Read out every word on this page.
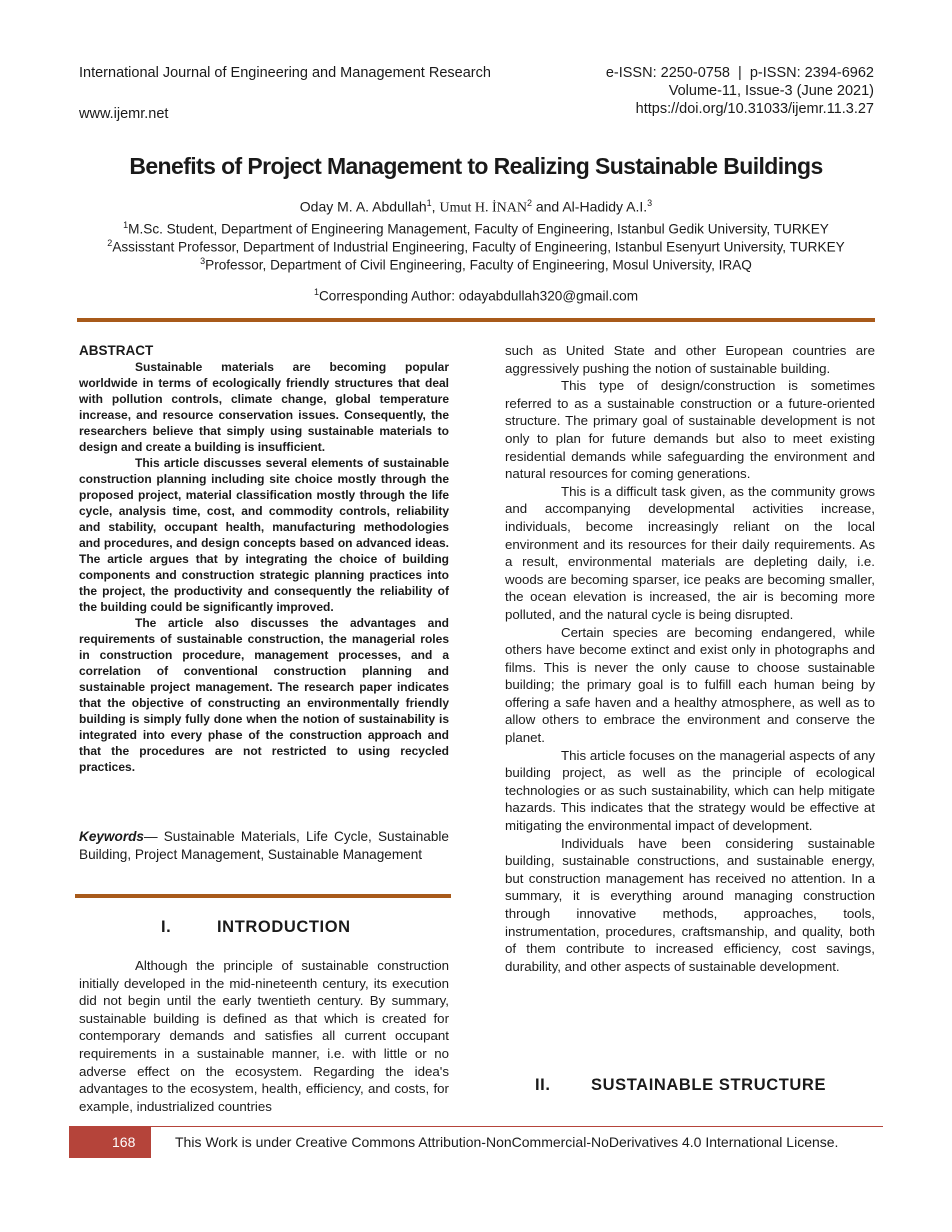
International Journal of Engineering and Management Research
www.ijemr.net
e-ISSN: 2250-0758  |  p-ISSN: 2394-6962
Volume-11, Issue-3 (June 2021)
https://doi.org/10.31033/ijemr.11.3.27
Benefits of Project Management to Realizing Sustainable Buildings
Oday M. A. Abdullah$^1$, Umut H. İNAN$^2$ and Al-Hadidy A.I.$^3$
$^1$M.Sc. Student, Department of Engineering Management, Faculty of Engineering, Istanbul Gedik University, TURKEY
$^2$Assisstant Professor, Department of Industrial Engineering, Faculty of Engineering, Istanbul Esenyurt University, TURKEY
$^3$Professor, Department of Civil Engineering, Faculty of Engineering, Mosul University, IRAQ
$^1$Corresponding Author: odayabdullah320@gmail.com
ABSTRACT

Sustainable materials are becoming popular worldwide in terms of ecologically friendly structures that deal with pollution controls, climate change, global temperature increase, and resource conservation issues. Consequently, the researchers believe that simply using sustainable materials to design and create a building is insufficient.

This article discusses several elements of sustainable construction planning including site choice mostly through the proposed project, material classification mostly through the life cycle, analysis time, cost, and commodity controls, reliability and stability, occupant health, manufacturing methodologies and procedures, and design concepts based on advanced ideas. The article argues that by integrating the choice of building components and construction strategic planning practices into the project, the productivity and consequently the reliability of the building could be significantly improved.

The article also discusses the advantages and requirements of sustainable construction, the managerial roles in construction procedure, management processes, and a correlation of conventional construction planning and sustainable project management. The research paper indicates that the objective of constructing an environmentally friendly building is simply fully done when the notion of sustainability is integrated into every phase of the construction approach and that the procedures are not restricted to using recycled practices.

Keywords— Sustainable Materials, Life Cycle, Sustainable Building, Project Management, Sustainable Management
I.	INTRODUCTION

Although the principle of sustainable construction initially developed in the mid-nineteenth century, its execution did not begin until the early twentieth century. By summary, sustainable building is defined as that which is created for contemporary demands and satisfies all current occupant requirements in a sustainable manner, i.e. with little or no adverse effect on the ecosystem. Regarding the idea's advantages to the ecosystem, health, efficiency, and costs, for example, industrialized countries

such as United State and other European countries are aggressively pushing the notion of sustainable building.

This type of design/construction is sometimes referred to as a sustainable construction or a future-oriented structure. The primary goal of sustainable development is not only to plan for future demands but also to meet existing residential demands while safeguarding the environment and natural resources for coming generations.

This is a difficult task given, as the community grows and accompanying developmental activities increase, individuals, become increasingly reliant on the local environment and its resources for their daily requirements. As a result, environmental materials are depleting daily, i.e. woods are becoming sparser, ice peaks are becoming smaller, the ocean elevation is increased, the air is becoming more polluted, and the natural cycle is being disrupted.

Certain species are becoming endangered, while others have become extinct and exist only in photographs and films. This is never the only cause to choose sustainable building; the primary goal is to fulfill each human being by offering a safe haven and a healthy atmosphere, as well as to allow others to embrace the environment and conserve the planet.

This article focuses on the managerial aspects of any building project, as well as the principle of ecological technologies or as such sustainability, which can help mitigate hazards. This indicates that the strategy would be effective at mitigating the environmental impact of development.

Individuals have been considering sustainable building, sustainable constructions, and sustainable energy, but construction management has received no attention. In a summary, it is everything around managing construction through innovative methods, approaches, tools, instrumentation, procedures, craftsmanship, and quality, both of them contribute to increased efficiency, cost savings, durability, and other aspects of sustainable development.

II. SUSTAINABLE STRUCTURE
168	This Work is under Creative Commons Attribution-NonCommercial-NoDerivatives 4.0 International License.
